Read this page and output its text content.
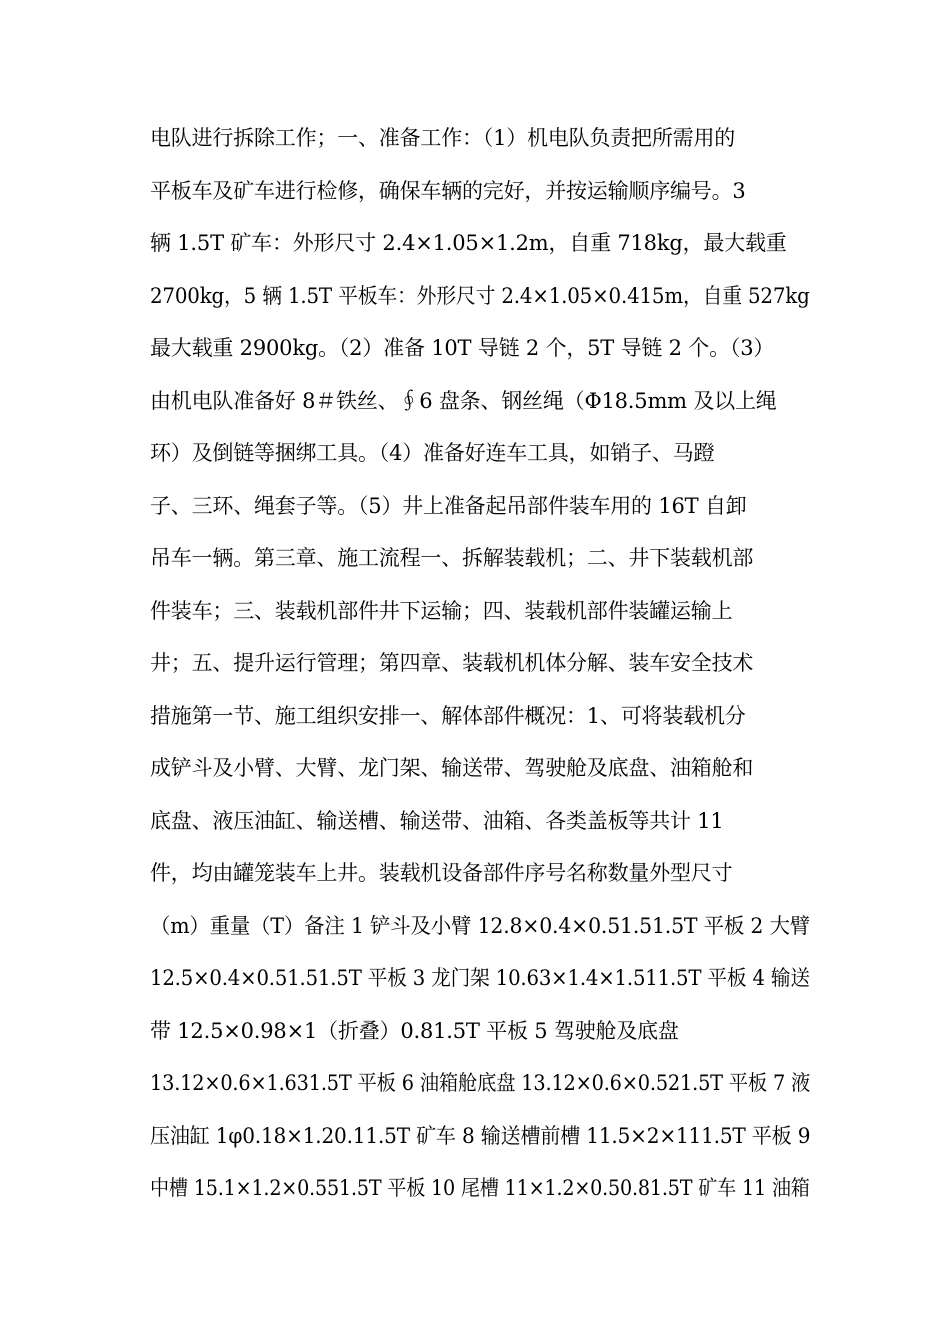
电队进行拆除工作；一、准备工作：（1）机电队负责把所需用的
平板车及矿车进行检修，确保车辆的完好，并按运输顺序编号。3
辆 1.5T 矿车：外形尺寸 2.4×1.05×1.2m，自重 718kg，最大载重
2700kg，5 辆 1.5T 平板车：外形尺寸 2.4×1.05×0.415m，自重 527kg
最大载重 2900kg。（2）准备 10T 导链 2 个，5T 导链 2 个。（3）
由机电队准备好 8＃铁丝、∮6 盘条、钢丝绳（Φ18.5mm 及以上绳
环）及倒链等捆绑工具。（4）准备好连车工具，如销子、马蹬
子、三环、绳套子等。（5）井上准备起吊部件装车用的 16T 自卸
吊车一辆。第三章、施工流程一、拆解装载机；二、井下装载机部
件装车；三、装载机部件井下运输；四、装载机部件装罐运输上
井；五、提升运行管理；第四章、装载机机体分解、装车安全技术
措施第一节、施工组织安排一、解体部件概况：1、可将装载机分
成铲斗及小臂、大臂、龙门架、输送带、驾驶舱及底盘、油箱舱和
底盘、液压油缸、输送槽、输送带、油箱、各类盖板等共计 11
件，均由罐笼装车上井。装载机设备部件序号名称数量外型尺寸
（m）重量（T）备注 1 铲斗及小臂 12.8×0.4×0.51.51.5T 平板 2 大臂
12.5×0.4×0.51.51.5T 平板 3 龙门架 10.63×1.4×1.511.5T 平板 4 输送
带 12.5×0.98×1（折叠）0.81.5T 平板 5 驾驶舱及底盘
13.12×0.6×1.631.5T 平板 6 油箱舱底盘 13.12×0.6×0.521.5T 平板 7 液
压油缸 1φ0.18×1.20.11.5T 矿车 8 输送槽前槽 11.5×2×111.5T 平板 9
中槽 15.1×1.2×0.551.5T 平板 10 尾槽 11×1.2×0.50.81.5T 矿车 11 油箱
